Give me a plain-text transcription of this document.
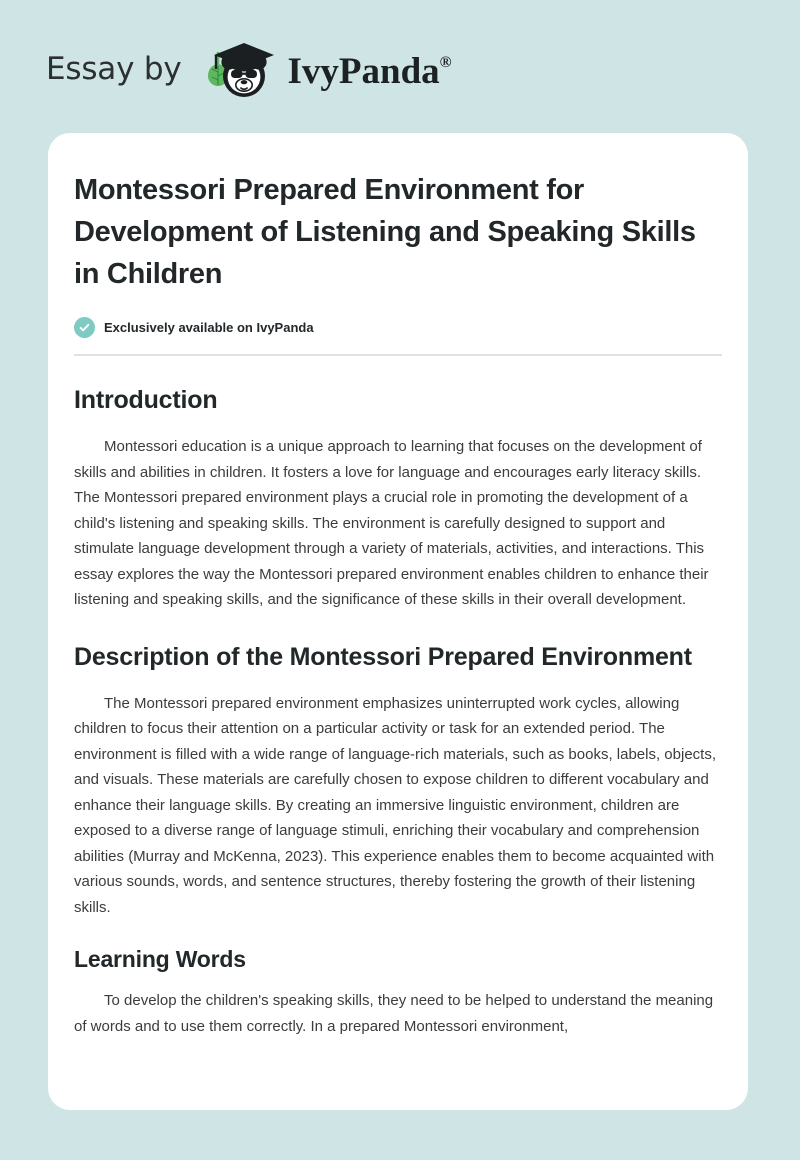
Essay by	IvyPanda®
Montessori Prepared Environment for Development of Listening and Speaking Skills in Children
Exclusively available on IvyPanda
Introduction

Montessori education is a unique approach to learning that focuses on the development of skills and abilities in children. It fosters a love for language and encourages early literacy skills. The Montessori prepared environment plays a crucial role in promoting the development of a child's listening and speaking skills. The environment is carefully designed to support and stimulate language development through a variety of materials, activities, and interactions. This essay explores the way the Montessori prepared environment enables children to enhance their listening and speaking skills, and the significance of these skills in their overall development.

Description of the Montessori Prepared Environment

The Montessori prepared environment emphasizes uninterrupted work cycles, allowing children to focus their attention on a particular activity or task for an extended period. The environment is filled with a wide range of language-rich materials, such as books, labels, objects, and visuals. These materials are carefully chosen to expose children to different vocabulary and enhance their language skills. By creating an immersive linguistic environment, children are exposed to a diverse range of language stimuli, enriching their vocabulary and comprehension abilities (Murray and McKenna, 2023). This experience enables them to become acquainted with various sounds, words, and sentence structures, thereby fostering the growth of their listening skills.

Learning Words

To develop the children's speaking skills, they need to be helped to understand the meaning of words and to use them correctly. In a prepared Montessori environment,
